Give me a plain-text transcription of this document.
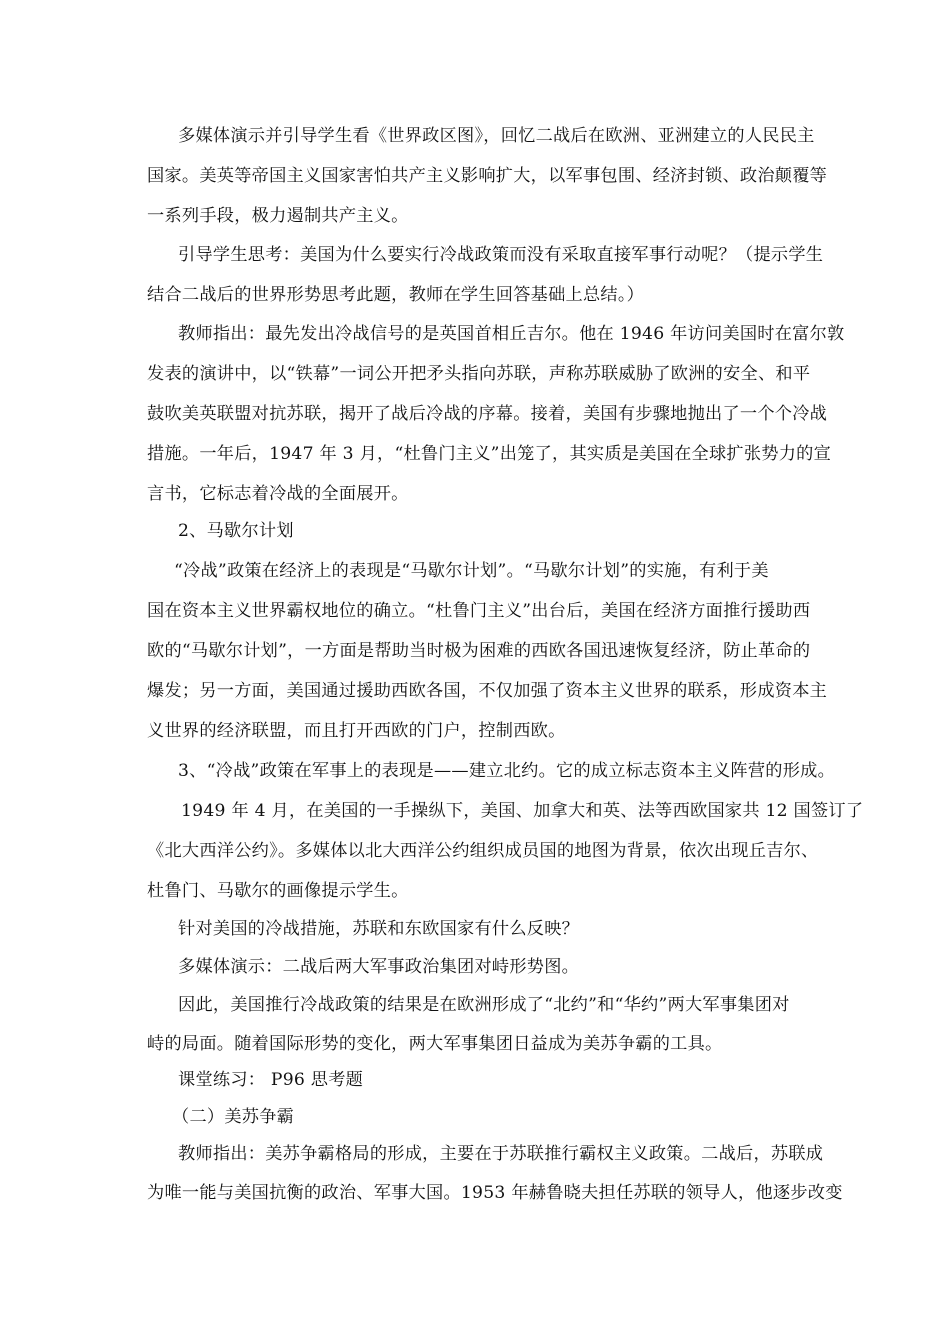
多媒体演示并引导学生看《世界政区图》，回忆二战后在欧洲、亚洲建立的人民民主
国家。美英等帝国主义国家害怕共产主义影响扩大，以军事包围、经济封锁、政治颠覆等
一系列手段，极力遏制共产主义。
引导学生思考：美国为什么要实行冷战政策而没有采取直接军事行动呢？（提示学生
结合二战后的世界形势思考此题，教师在学生回答基础上总结。）
教师指出：最先发出冷战信号的是英国首相丘吉尔。他在 1946 年访问美国时在富尔敦
发表的演讲中，以“铁幕”一词公开把矛头指向苏联，声称苏联威胁了欧洲的安全、和平
鼓吹美英联盟对抗苏联，揭开了战后冷战的序幕。接着，美国有步骤地抛出了一个个冷战
措施。一年后，1947 年 3 月，“杜鲁门主义”出笼了，其实质是美国在全球扩张势力的宣
言书，它标志着冷战的全面展开。
2、马歇尔计划
“冷战”政策在经济上的表现是“马歇尔计划”。“马歇尔计划”的实施，有利于美
国在资本主义世界霸权地位的确立。“杜鲁门主义”出台后，美国在经济方面推行援助西
欧的“马歇尔计划”，一方面是帮助当时极为困难的西欧各国迅速恢复经济，防止革命的
爆发；另一方面，美国通过援助西欧各国，不仅加强了资本主义世界的联系，形成资本主
义世界的经济联盟，而且打开西欧的门户，控制西欧。
3、“冷战”政策在军事上的表现是——建立北约。它的成立标志资本主义阵营的形成。
1949 年 4 月，在美国的一手操纵下，美国、加拿大和英、法等西欧国家共 12 国签订了
《北大西洋公约》。多媒体以北大西洋公约组织成员国的地图为背景，依次出现丘吉尔、
杜鲁门、马歇尔的画像提示学生。
针对美国的冷战措施，苏联和东欧国家有什么反映？
多媒体演示：二战后两大军事政治集团对峙形势图。
因此，美国推行冷战政策的结果是在欧洲形成了“北约”和“华约”两大军事集团对
峙的局面。随着国际形势的变化，两大军事集团日益成为美苏争霸的工具。
课堂练习： P96 思考题
（二）美苏争霸
教师指出：美苏争霸格局的形成，主要在于苏联推行霸权主义政策。二战后，苏联成
为唯一能与美国抗衡的政治、军事大国。1953 年赫鲁晓夫担任苏联的领导人，他逐步改变
